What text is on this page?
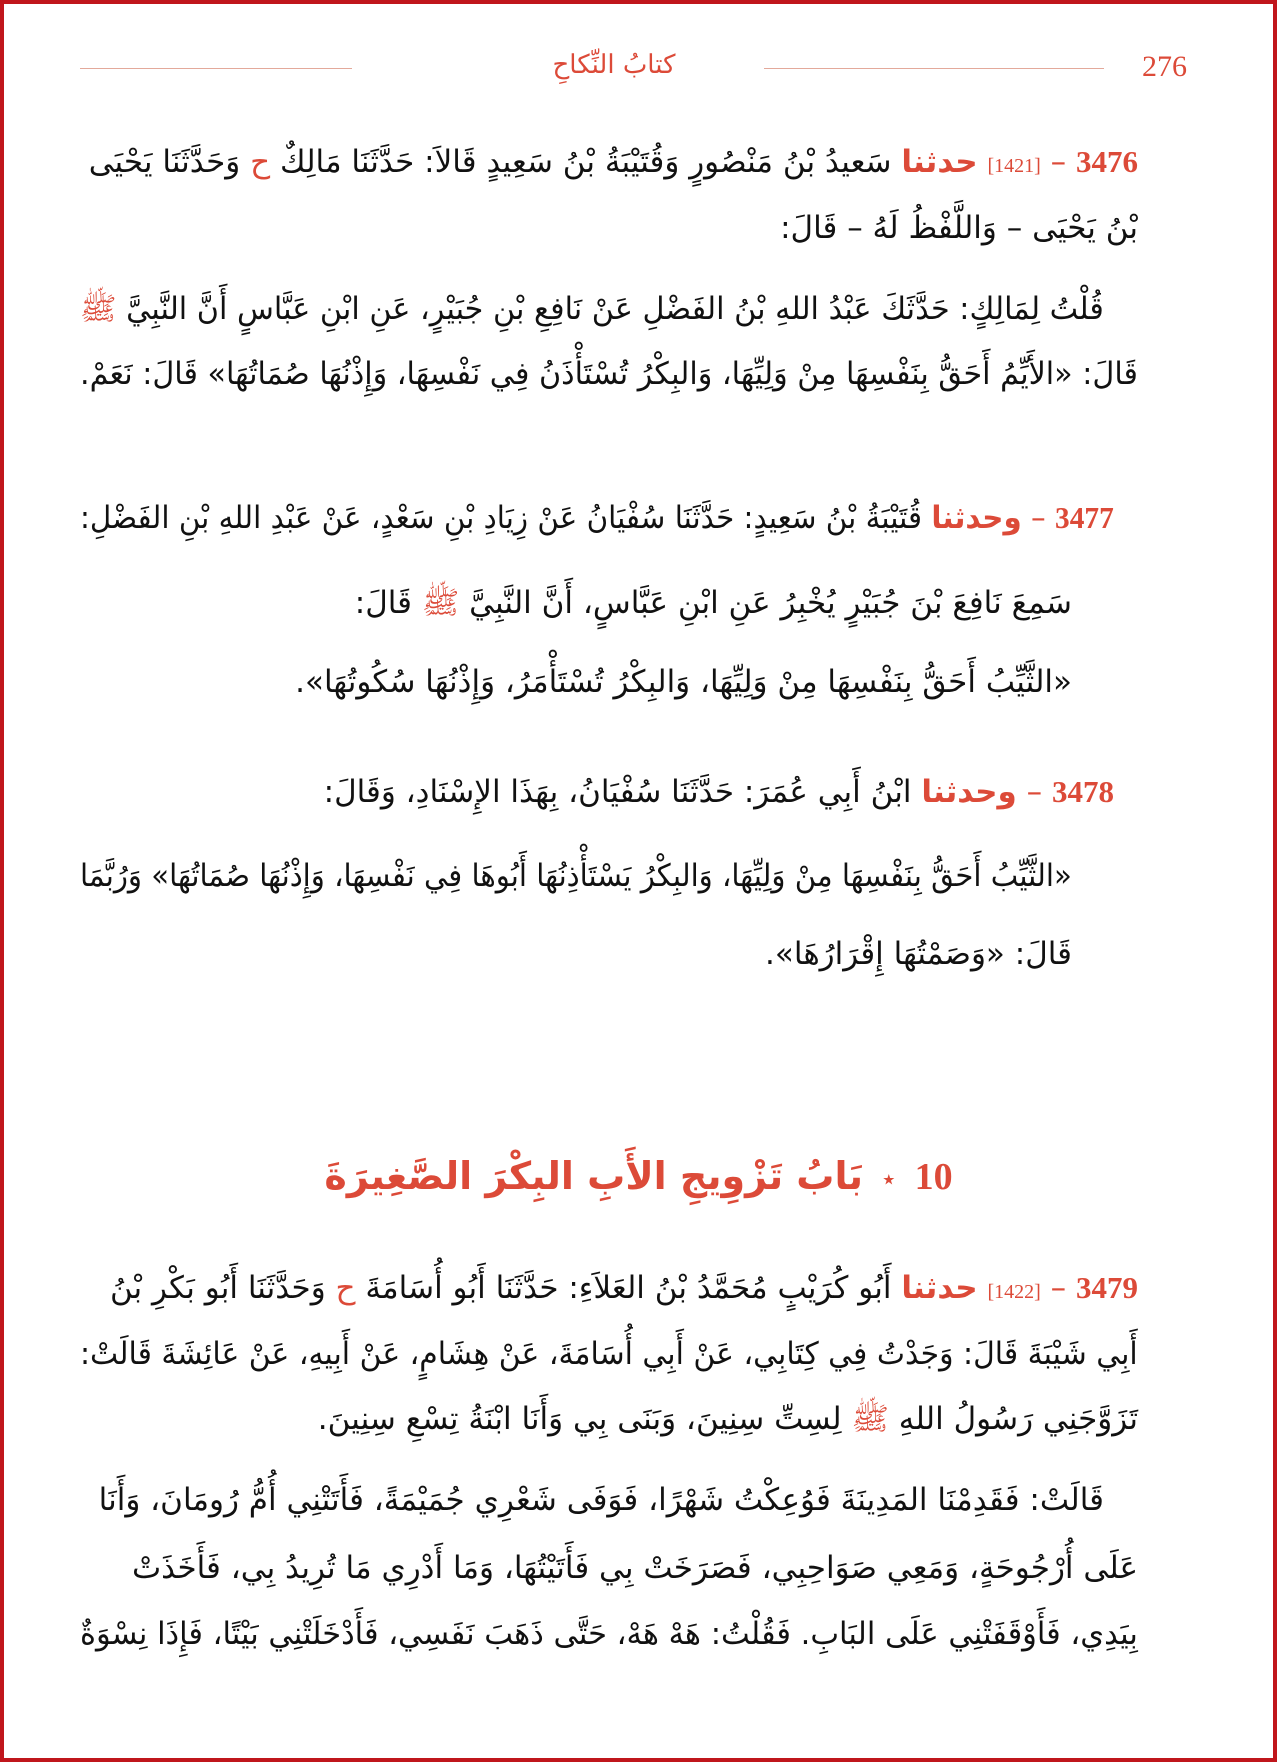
كتابُ النِّكاحِ	276
3476 – [1421] حدثنا سَعيدُ بْنُ مَنْصُورٍ وَقُتَيْبَةُ بْنُ سَعِيدٍ قَالاَ: حَدَّثَنَا مَالِكٌ ح وَحَدَّثَنَا يَحْيَى
بْنُ يَحْيَى – وَاللَّفْظُ لَهُ – قَالَ:
قُلْتُ لِمَالِكٍ: حَدَّثَكَ عَبْدُ اللهِ بْنُ الفَضْلِ عَنْ نَافِعِ بْنِ جُبَيْرٍ، عَنِ ابْنِ عَبَّاسٍ أَنَّ النَّبِيَّ ﷺ
قَالَ: «الأَيِّمُ أَحَقُّ بِنَفْسِهَا مِنْ وَلِيِّهَا، وَالبِكْرُ تُسْتَأْذَنُ فِي نَفْسِهَا، وَإِذْنُهَا صُمَاتُهَا» قَالَ: نَعَمْ.
3477 – وحدثنا قُتَيْبَةُ بْنُ سَعِيدٍ: حَدَّثَنَا سُفْيَانُ عَنْ زِيَادِ بْنِ سَعْدٍ، عَنْ عَبْدِ اللهِ بْنِ الفَضْلِ:
سَمِعَ نَافِعَ بْنَ جُبَيْرٍ يُخْبِرُ عَنِ ابْنِ عَبَّاسٍ، أَنَّ النَّبِيَّ ﷺ قَالَ:
«الثَّيِّبُ أَحَقُّ بِنَفْسِهَا مِنْ وَلِيِّهَا، وَالبِكْرُ تُسْتَأْمَرُ، وَإِذْنُهَا سُكُوتُهَا».
3478 – وحدثنا ابْنُ أَبِي عُمَرَ: حَدَّثَنَا سُفْيَانُ، بِهَذَا الإِسْنَادِ، وَقَالَ:
«الثَّيِّبُ أَحَقُّ بِنَفْسِهَا مِنْ وَلِيِّهَا، وَالبِكْرُ يَسْتَأْذِنُهَا أَبُوهَا فِي نَفْسِهَا، وَإِذْنُهَا صُمَاتُهَا» وَرُبَّمَا
قَالَ: «وَصَمْتُهَا إِقْرَارُهَا».
10 ٭ بَابُ تَزْوِيجِ الأَبِ البِكْرَ الصَّغِيرَةَ
3479 – [1422] حدثنا أَبُو كُرَيْبٍ مُحَمَّدُ بْنُ العَلاَءِ: حَدَّثَنَا أَبُو أُسَامَةَ ح وَحَدَّثَنَا أَبُو بَكْرِ بْنُ
أَبِي شَيْبَةَ قَالَ: وَجَدْتُ فِي كِتَابِي، عَنْ أَبِي أُسَامَةَ، عَنْ هِشَامٍ، عَنْ أَبِيهِ، عَنْ عَائِشَةَ قَالَتْ:
تَزَوَّجَنِي رَسُولُ اللهِ ﷺ لِسِتِّ سِنِينَ، وَبَنَى بِي وَأَنَا ابْنَةُ تِسْعِ سِنِينَ.
قَالَتْ: فَقَدِمْنَا المَدِينَةَ فَوُعِكْتُ شَهْرًا، فَوَفَى شَعْرِي جُمَيْمَةً، فَأَتَتْنِي أُمُّ رُومَانَ، وَأَنَا
عَلَى أُرْجُوحَةٍ، وَمَعِي صَوَاحِبِي، فَصَرَخَتْ بِي فَأَتَيْتُهَا، وَمَا أَدْرِي مَا تُرِيدُ بِي، فَأَخَذَتْ
بِيَدِي، فَأَوْقَفَتْنِي عَلَى البَابِ. فَقُلْتُ: هَهْ هَهْ، حَتَّى ذَهَبَ نَفَسِي، فَأَدْخَلَتْنِي بَيْتًا، فَإِذَا نِسْوَةٌ
